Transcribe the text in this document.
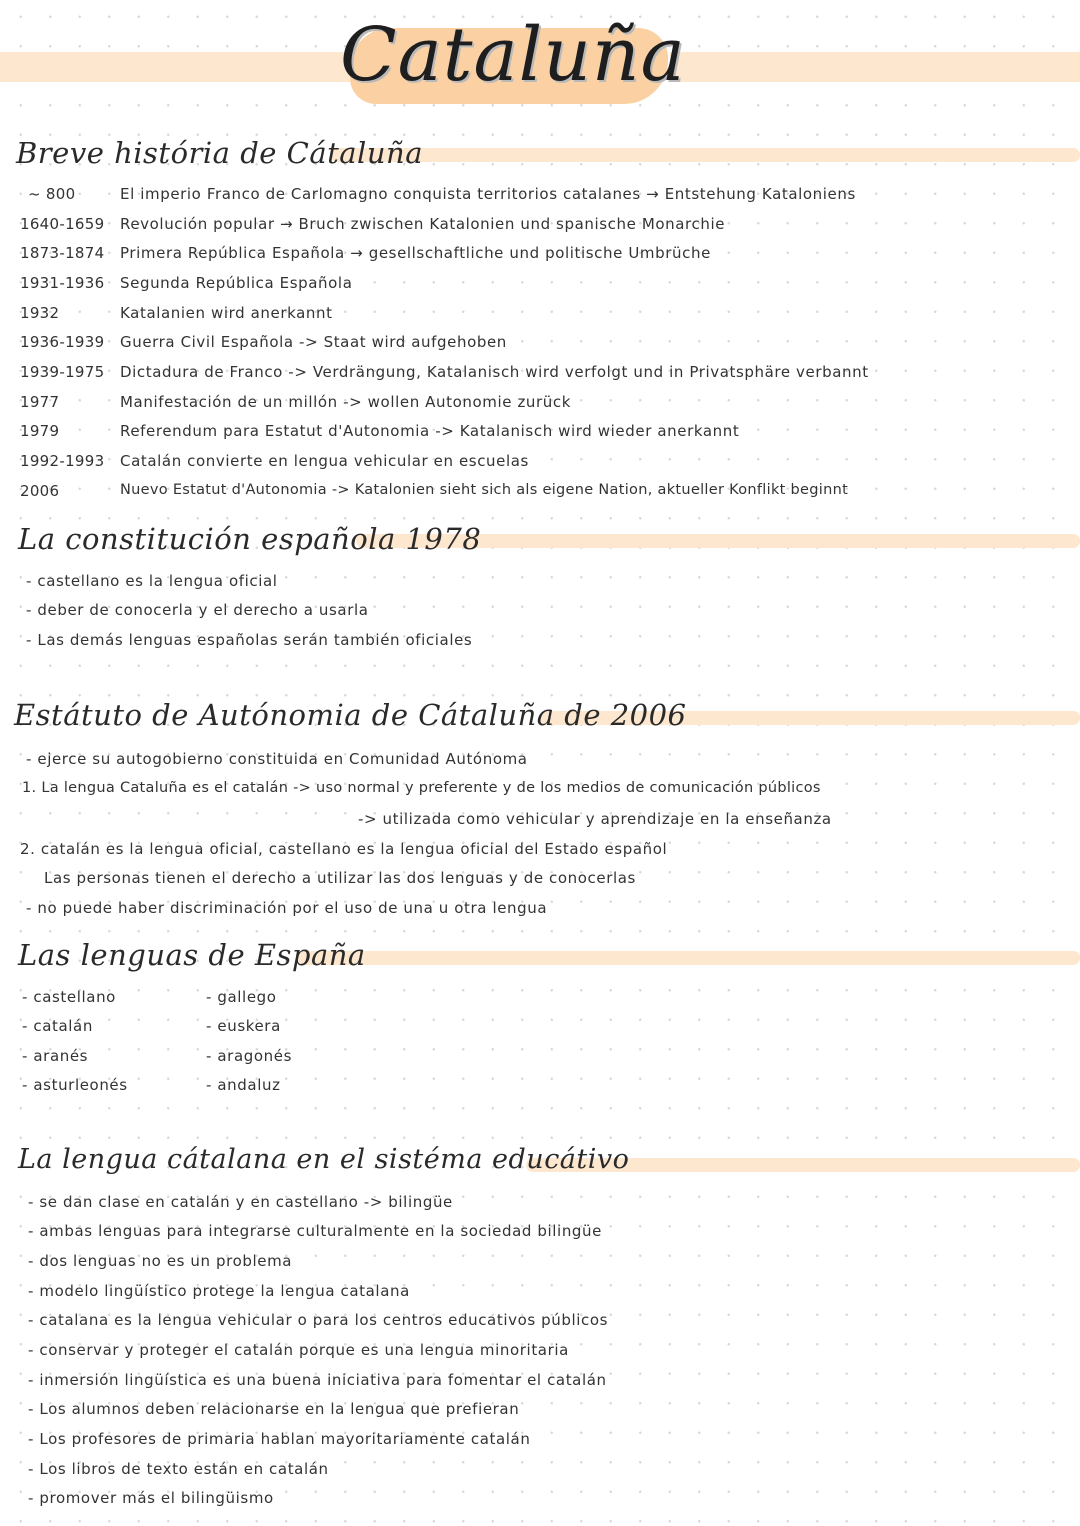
Cataluña
Breve história de Cátaluña
~ 800	El imperio Franco de Carlomagno conquista territorios catalanes → Entstehung Kataloniens
1640-1659 Revolución popular → Bruch zwischen Katalonien und spanische Monarchie
1873-1874 Primera República Española → gesellschaftliche und politische Umbrüche
1931-1936 Segunda República Española
1932	Katalanien wird anerkannt
1936-1939 Guerra Civil Española -> Staat wird aufgehoben
1939-1975 Dictadura de Franco -> Verdrängung, Katalanisch wird verfolgt und in Privatsphäre verbannt
1977	Manifestación de un millón -> wollen Autonomie zurück
1979	Referendum para Estatut d'Autonomia -> Katalanisch wird wieder anerkannt
1992-1993 Catalán convierte en lengua vehicular en escuelas
2006	Nuevo Estatut d'Autonomia -> Katalonien sieht sich als eigene Nation, aktueller Konflikt beginnt
La constitución española 1978
- castellano es la lengua oficial
- deber de conocerla y el derecho a usarla
- Las demás lenguas españolas serán también oficiales
Estátuto de Autónomia de Cátaluña de 2006
- ejerce su autogobierno constituida en Comunidad Autónoma
1. La lengua Cataluña es el catalán -> uso normal y preferente y de los medios de comunicación públicos
-> utilizada como vehicular y aprendizaje en la enseñanza
2. catalán es la lengua oficial, castellano es la lengua oficial del Estado español
Las personas tienen el derecho a utilizar las dos lenguas y de conocerlas
- no puede haber discriminación por el uso de una u otra lengua
Las lenguas de España
- castellano
- catalán
- aranés
- asturleonés
- gallego
- euskera
- aragonés
- andaluz
La lengua cátalana en el sistéma educátivo
- se dan clase en catalán y en castellano -> bilingüe
- ambas lenguas para integrarse culturalmente en la sociedad bilingüe
- dos lenguas no es un problema
- modelo lingüístico protege la lengua catalana
- catalana es la lengua vehicular o para los centros educativos públicos
- conservar y proteger el catalán porque es una lengua minoritaria
- inmersión lingüística es una buena iniciativa para fomentar el catalán
- Los alumnos deben relacionarse en la lengua que prefieran
- Los profesores de primaria hablan mayoritariamente catalán
- Los libros de texto están en catalán
- promover más el bilingüismo
